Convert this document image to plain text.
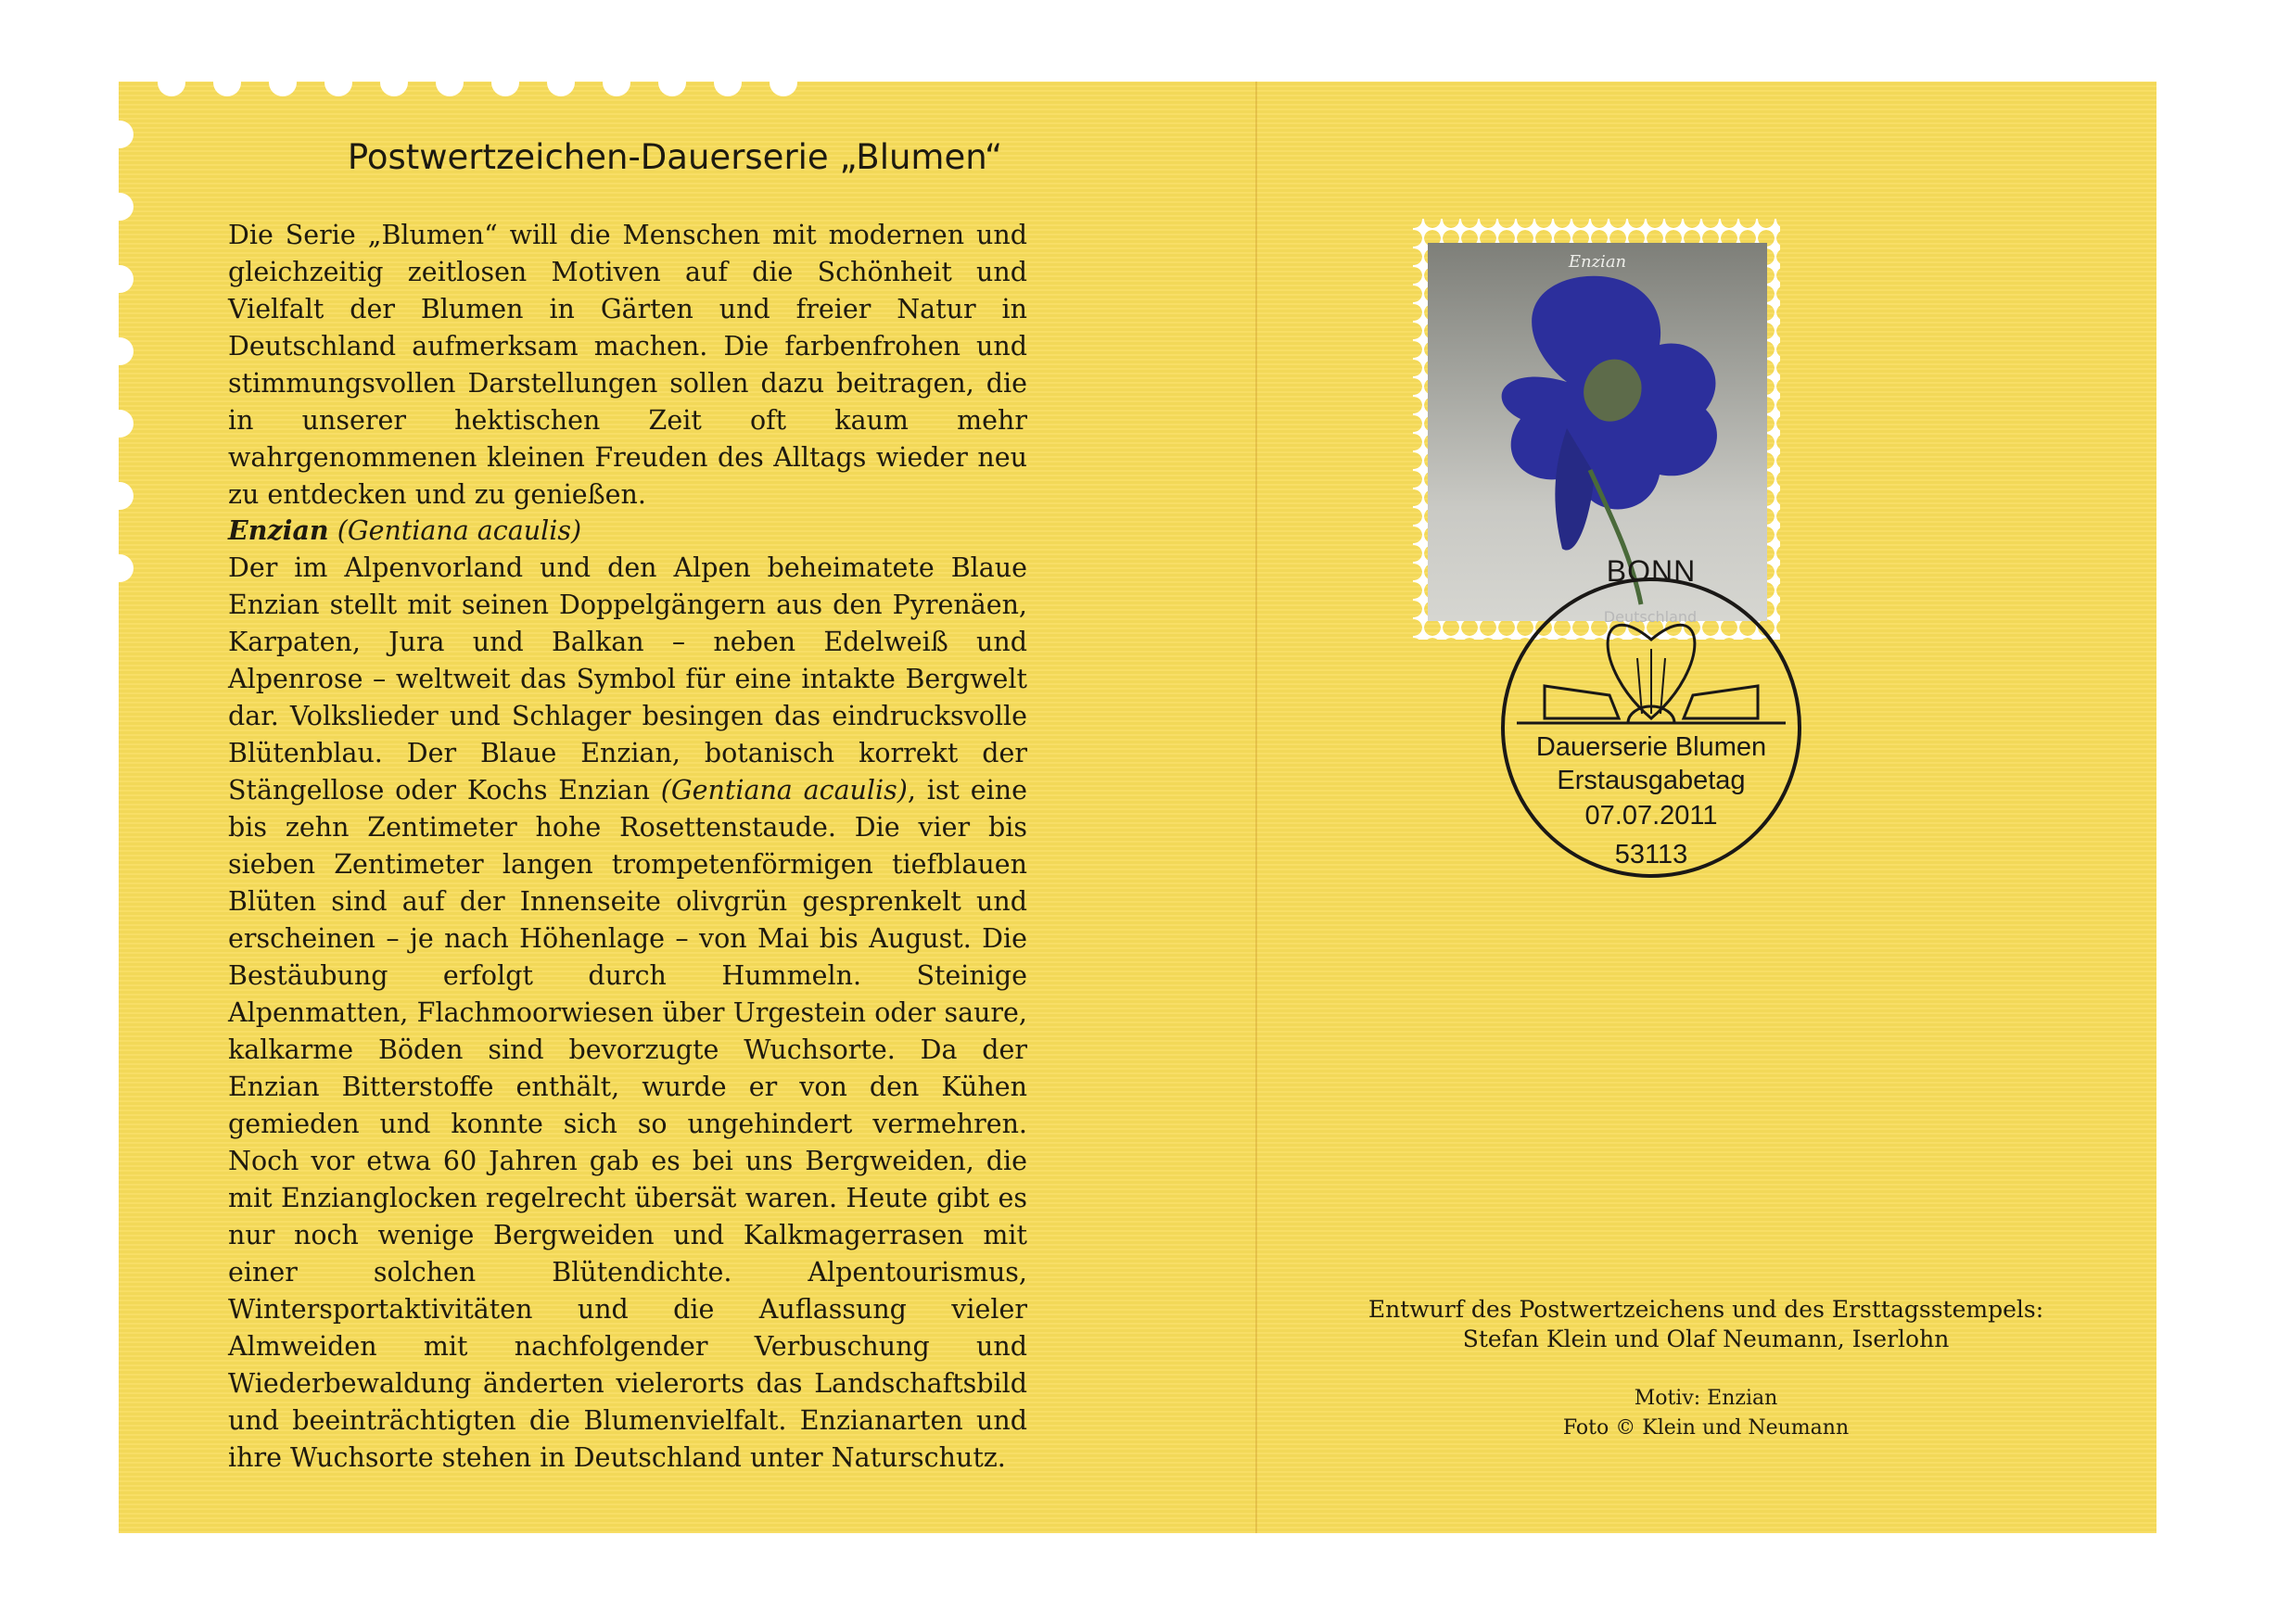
Postwertzeichen-Dauerserie „Blumen“

Die Serie „Blumen“ will die Menschen mit modernen und gleichzeitig zeitlosen Motiven auf die Schönheit und Vielfalt der Blumen in Gärten und freier Natur in Deutschland aufmerksam machen. Die farbenfrohen und stimmungsvollen Darstellungen sollen dazu beitragen, die in unserer hektischen Zeit oft kaum mehr wahrgenommenen kleinen Freuden des Alltags wieder neu zu entdecken und zu genießen.

Enzian (Gentiana acaulis)
Der im Alpenvorland und den Alpen beheimatete Blaue Enzian stellt mit seinen Doppelgängern aus den Pyrenäen, Karpaten, Jura und Balkan – neben Edelweiß und Alpenrose – weltweit das Symbol für eine intakte Bergwelt dar. Volkslieder und Schlager besingen das eindrucksvolle Blütenblau. Der Blaue Enzian, botanisch korrekt der Stängellose oder Kochs Enzian (Gentiana acaulis), ist eine bis zehn Zentimeter hohe Rosettenstaude. Die vier bis sieben Zentimeter langen trompetenförmigen tiefblauen Blüten sind auf der Innenseite olivgrün gesprenkelt und erscheinen – je nach Höhenlage – von Mai bis August. Die Bestäubung erfolgt durch Hummeln. Steinige Alpenmatten, Flachmoorwiesen über Urgestein oder saure, kalkarme Böden sind bevorzugte Wuchsorte. Da der Enzian Bitterstoffe enthält, wurde er von den Kühen gemieden und konnte sich so ungehindert vermehren. Noch vor etwa 60 Jahren gab es bei uns Bergweiden, die mit Enzianglocken regelrecht übersät waren. Heute gibt es nur noch wenige Bergweiden und Kalkmagerrasen mit einer solchen Blütendichte. Alpentourismus, Wintersportaktivitäten und die Auflassung vieler Almweiden mit nachfolgender Verbuschung und Wiederbewaldung änderten vielerorts das Landschaftsbild und beeinträchtigten die Blumenvielfalt. Enzianarten und ihre Wuchsorte stehen in Deutschland unter Naturschutz.
Enzian
Deutschland

BONN

Dauerserie Blumen

Erstausgabetag

07.07.2011

53113

Entwurf des Postwertzeichens und des Ersttagsstempels:

Stefan Klein und Olaf Neumann, Iserlohn

Motiv: Enzian

Foto © Klein und Neumann
